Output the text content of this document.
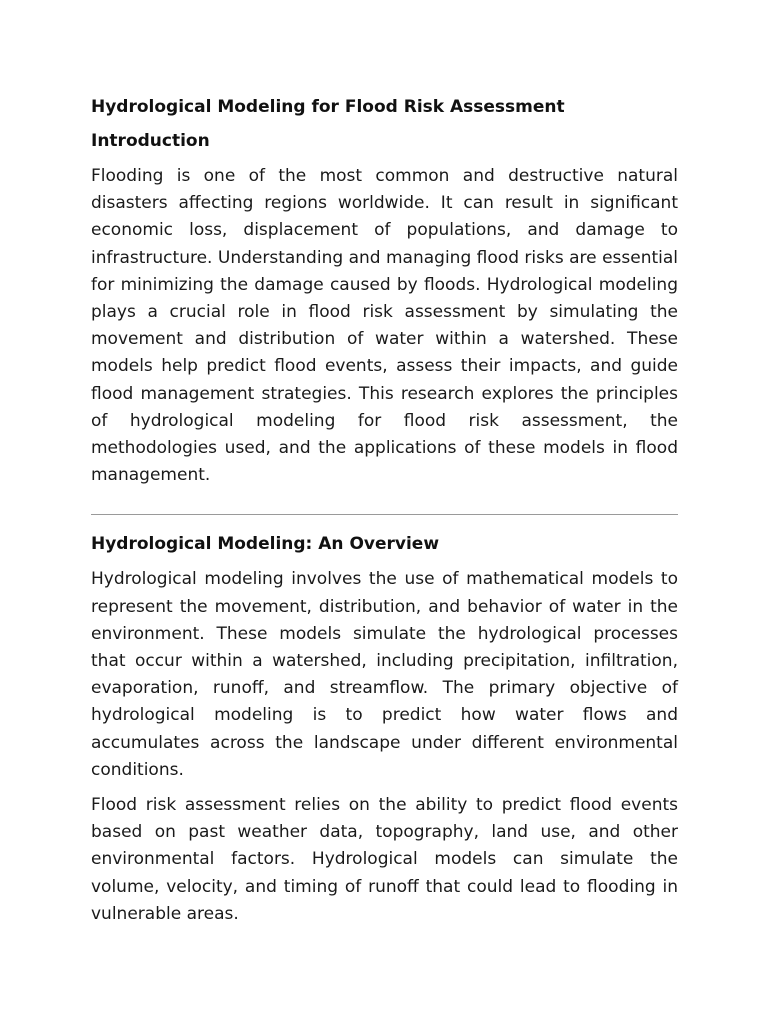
Hydrological Modeling for Flood Risk Assessment
Introduction

Flooding is one of the most common and destructive natural disasters affecting regions worldwide. It can result in significant economic loss, displacement of populations, and damage to infrastructure. Understanding and managing flood risks are essential for minimizing the damage caused by floods. Hydrological modeling plays a crucial role in flood risk assessment by simulating the movement and distribution of water within a watershed. These models help predict flood events, assess their impacts, and guide flood management strategies. This research explores the principles of hydrological modeling for flood risk assessment, the methodologies used, and the applications of these models in flood management.

Hydrological Modeling: An Overview

Hydrological modeling involves the use of mathematical models to represent the movement, distribution, and behavior of water in the environment. These models simulate the hydrological processes that occur within a watershed, including precipitation, infiltration, evaporation, runoff, and streamflow. The primary objective of hydrological modeling is to predict how water flows and accumulates across the landscape under different environmental conditions.

Flood risk assessment relies on the ability to predict flood events based on past weather data, topography, land use, and other environmental factors. Hydrological models can simulate the volume, velocity, and timing of runoff that could lead to flooding in vulnerable areas.
